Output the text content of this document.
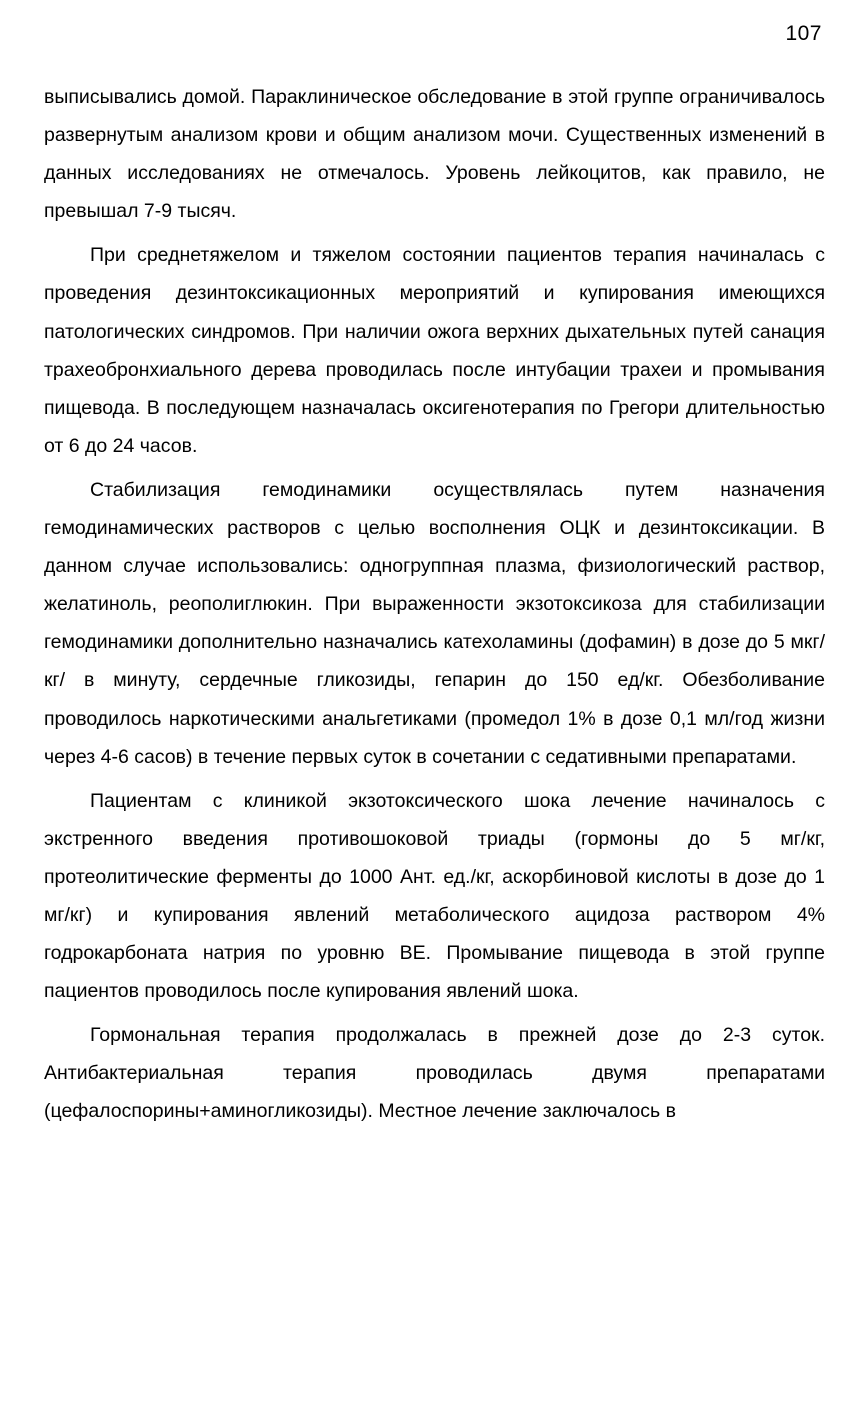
107

выписывались домой. Параклиническое обследование в этой группе ограничивалось развернутым анализом крови и общим анализом мочи. Существенных изменений в данных исследованиях не отмечалось. Уровень лейкоцитов, как правило, не превышал 7-9 тысяч.

При среднетяжелом и тяжелом состоянии пациентов терапия начиналась с проведения дезинтоксикационных мероприятий и купирования имеющихся патологических синдромов. При наличии ожога верхних дыхательных путей санация трахеобронхиального дерева проводилась после интубации трахеи и промывания пищевода. В последующем назначалась оксигенотерапия по Грегори длительностью от 6 до 24 часов.

Стабилизация гемодинамики осуществлялась путем назначения гемодинамических растворов с целью восполнения ОЦК и дезинтоксикации. В данном случае использовались: одногруппная плазма, физиологический раствор, желатиноль, реополиглюкин. При выраженности экзотоксикоза для стабилизации гемодинамики дополнительно назначались катехоламины (дофамин) в дозе до 5 мкг/кг/ в минуту, сердечные гликозиды, гепарин до 150 ед/кг. Обезболивание проводилось наркотическими анальгетиками (промедол 1% в дозе 0,1 мл/год жизни через 4-6 сасов) в течение первых суток в сочетании с седативными препаратами.

Пациентам с клиникой экзотоксического шока лечение начиналось с экстренного введения противошоковой триады (гормоны до 5 мг/кг, протеолитические ферменты до 1000 Ант. ед./кг, аскорбиновой кислоты в дозе до 1 мг/кг) и купирования явлений метаболического ацидоза раствором 4% годрокарбоната натрия по уровню ВЕ. Промывание пищевода в этой группе пациентов проводилось после купирования явлений шока.

Гормональная терапия продолжалась в прежней дозе до 2-3 суток. Антибактериальная терапия проводилась двумя препаратами (цефалоспорины+аминогликозиды). Местное лечение заключалось в
